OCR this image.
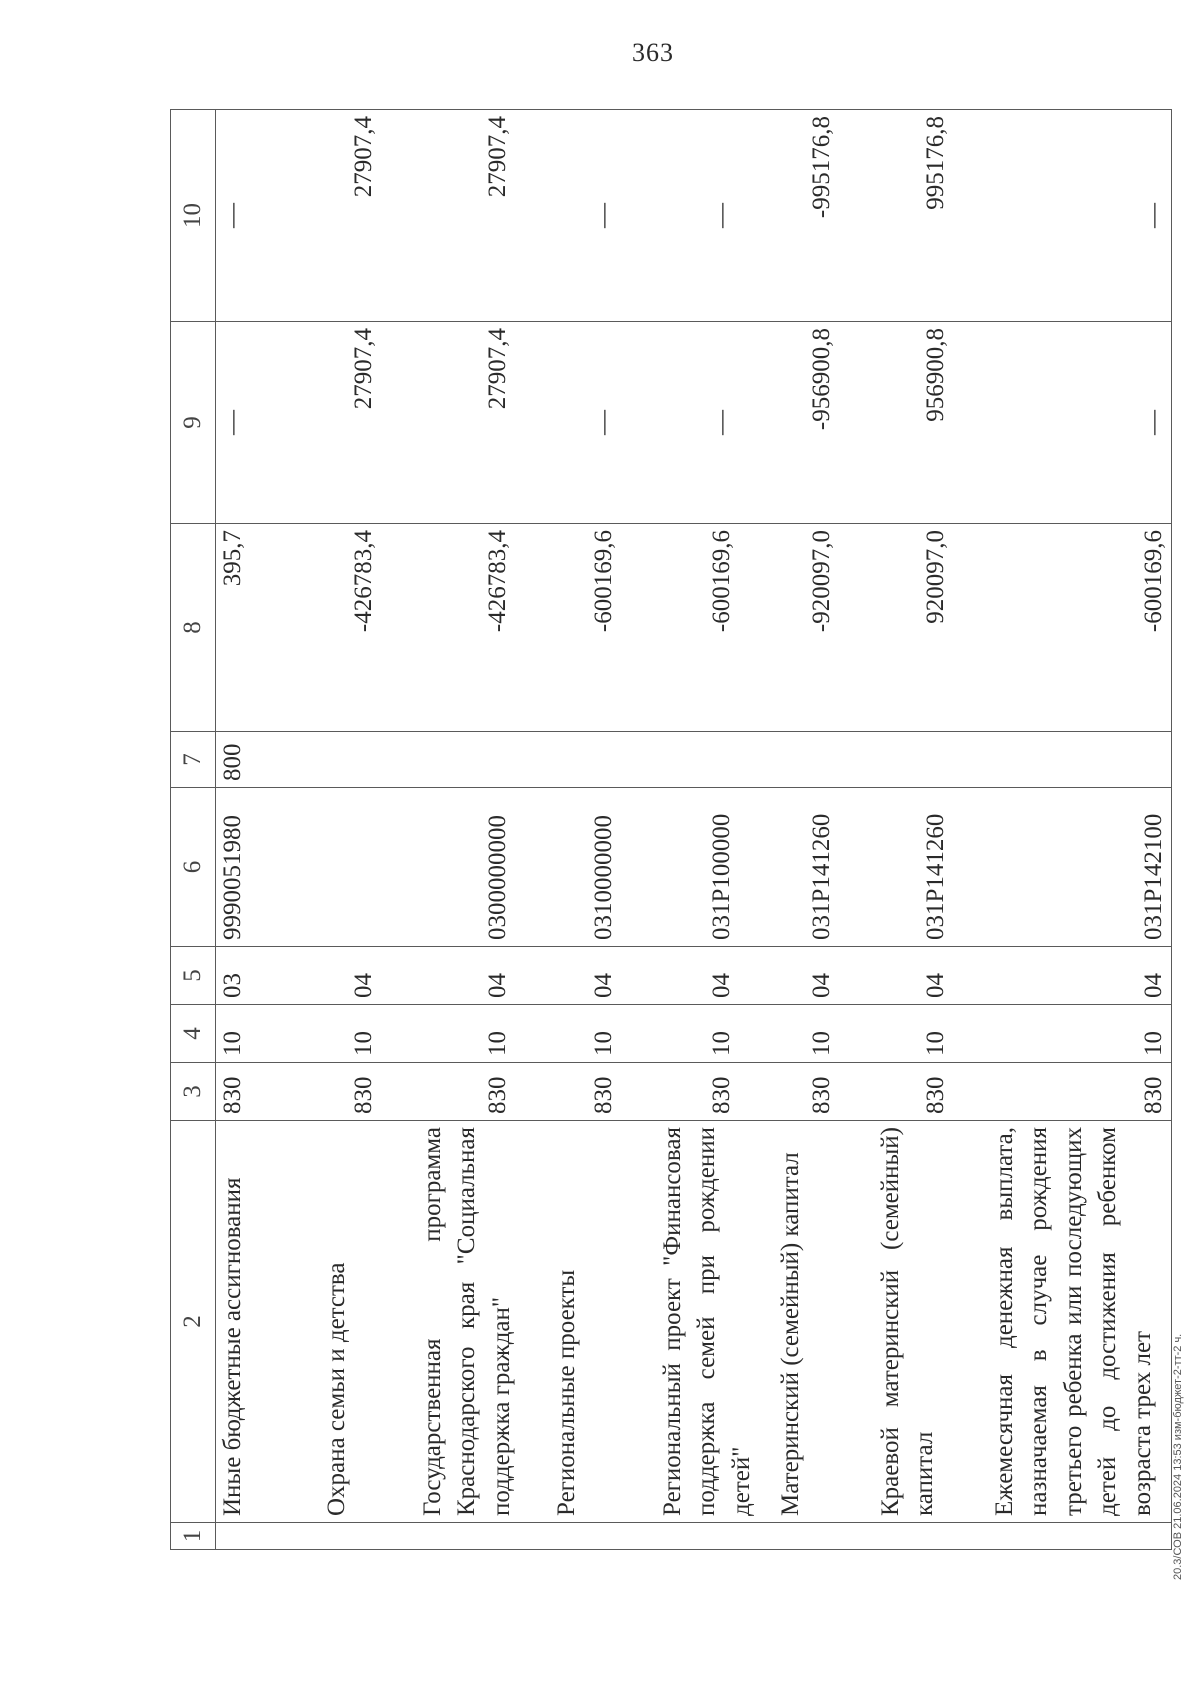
363
1	2	3	4	5	6	7	8	9	10
	Иные бюджетные ассигнования	830	10	03	9990051980	800	395,7	—	—
	Охрана семьи и детства	830	10	04			-426783,4	27907,4	27907,4
	Государственная программа Краснодарского края "Социальная поддержка граждан"	830	10	04	0300000000		-426783,4	27907,4	27907,4
	Региональные проекты	830	10	04	0310000000		-600169,6	—	—
	Региональный проект "Финансовая поддержка семей при рождении детей"	830	10	04	031P100000		-600169,6	—	—
	Материнский (семейный) капитал	830	10	04	031P141260		-920097,0	-956900,8	-995176,8
	Краевой материнский (семейный) капитал	830	10	04	031P141260		920097,0	956900,8	995176,8
	Ежемесячная денежная выплата, назначаемая в случае рождения третьего ребенка или последующих детей до достижения ребенком возраста трех лет	830	10	04	031P142100		-600169,6	—	—
20.3/СОВ 21.06.2024 13:53 изм-бюджет-2-тт-2 ч.
